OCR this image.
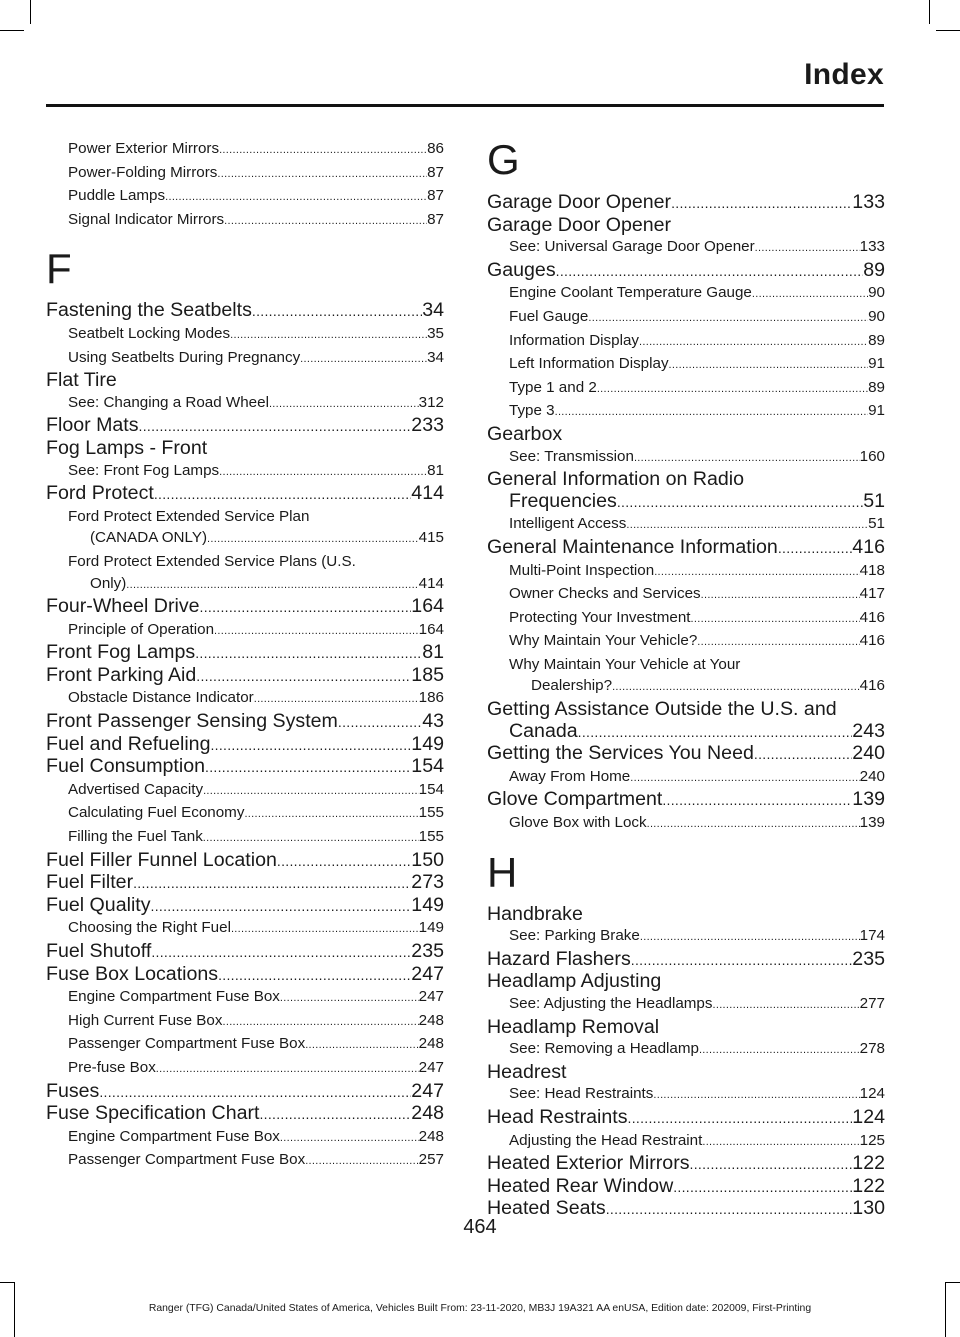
Index
Power Exterior Mirrors .....	86
Power-Folding Mirrors .....	87
Puddle Lamps .....	87
Signal Indicator Mirrors .....	87
F
Fastening the Seatbelts .....	34
Seatbelt Locking Modes .....	35
Using Seatbelts During Pregnancy .....	34
Flat Tire
See: Changing a Road Wheel .....	312
Floor Mats .....	233
Fog Lamps - Front
See: Front Fog Lamps .....	81
Ford Protect .....	414
Ford Protect Extended Service Plan
(CANADA ONLY) .....	415
Ford Protect Extended Service Plans (U.S.
Only) .....	414
Four-Wheel Drive .....	164
Principle of Operation .....	164
Front Fog Lamps .....	81
Front Parking Aid .....	185
Obstacle Distance Indicator .....	186
Front Passenger Sensing System .....	43
Fuel and Refueling .....	149
Fuel Consumption .....	154
Advertised Capacity .....	154
Calculating Fuel Economy .....	155
Filling the Fuel Tank .....	155
Fuel Filler Funnel Location .....	150
Fuel Filter .....	273
Fuel Quality .....	149
Choosing the Right Fuel .....	149
Fuel Shutoff .....	235
Fuse Box Locations .....	247
Engine Compartment Fuse Box .....	247
High Current Fuse Box .....	248
Passenger Compartment Fuse Box .....	248
Pre-fuse Box .....	247
Fuses .....	247
Fuse Specification Chart .....	248
Engine Compartment Fuse Box .....	248
Passenger Compartment Fuse Box .....	257
G
Garage Door Opener .....	133
Garage Door Opener
See: Universal Garage Door Opener .....	133
Gauges .....	89
Engine Coolant Temperature Gauge .....	90
Fuel Gauge .....	90
Information Display .....	89
Left Information Display .....	91
Type 1 and 2 .....	89
Type 3 .....	91
Gearbox
See: Transmission .....	160
General Information on Radio
Frequencies .....	51
Intelligent Access .....	51
General Maintenance Information .....	416
Multi-Point Inspection .....	418
Owner Checks and Services .....	417
Protecting Your Investment .....	416
Why Maintain Your Vehicle? .....	416
Why Maintain Your Vehicle at Your
Dealership? .....	416
Getting Assistance Outside the U.S. and
Canada .....	243
Getting the Services You Need .....	240
Away From Home .....	240
Glove Compartment .....	139
Glove Box with Lock .....	139
H
Handbrake
See: Parking Brake .....	174
Hazard Flashers .....	235
Headlamp Adjusting
See: Adjusting the Headlamps .....	277
Headlamp Removal
See: Removing a Headlamp .....	278
Headrest
See: Head Restraints .....	124
Head Restraints .....	124
Adjusting the Head Restraint .....	125
Heated Exterior Mirrors .....	122
Heated Rear Window .....	122
Heated Seats .....	130
464
Ranger (TFG) Canada/United States of America, Vehicles Built From: 23-11-2020, MB3J 19A321 AA enUSA, Edition date: 202009, First-Printing
